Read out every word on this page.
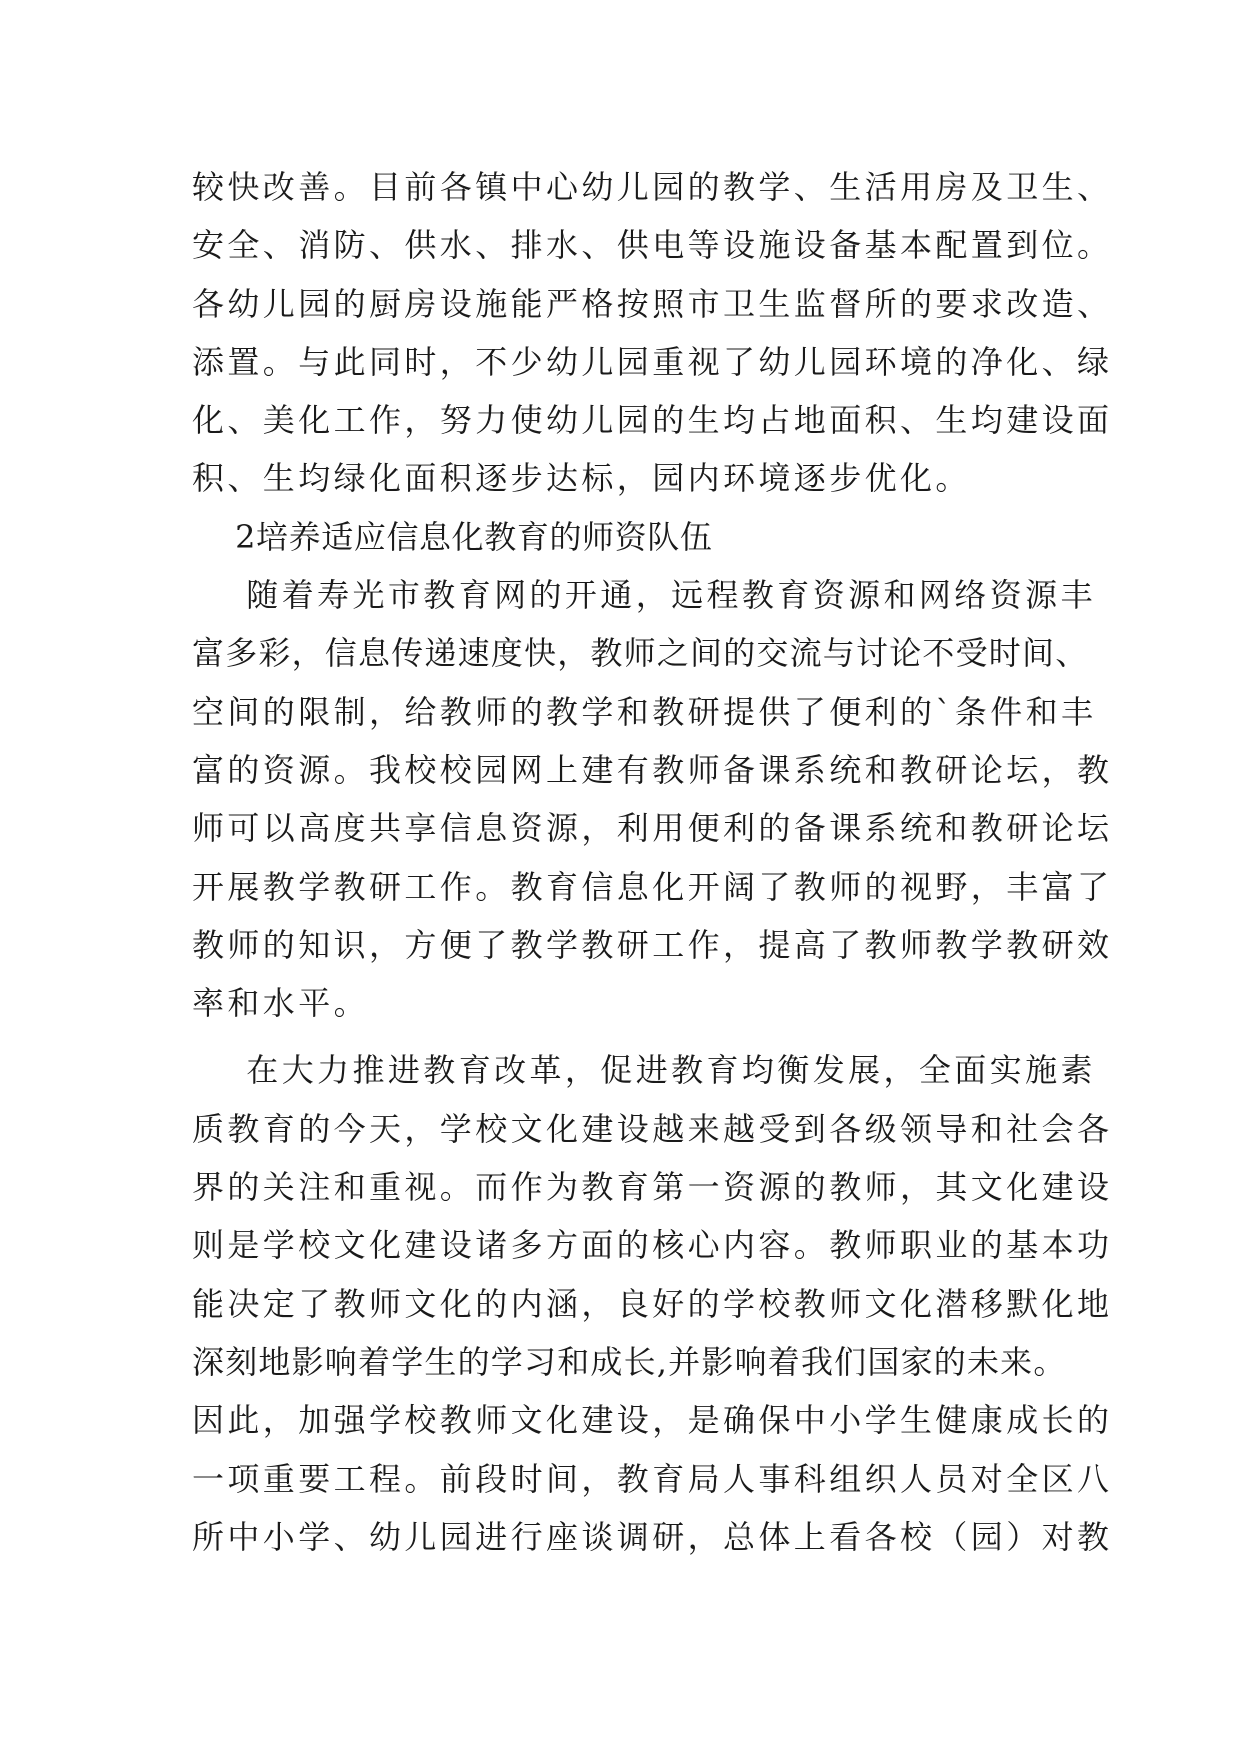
较快改善。目前各镇中心幼儿园的教学、生活用房及卫生、
安全、消防、供水、排水、供电等设施设备基本配置到位。
各幼儿园的厨房设施能严格按照市卫生监督所的要求改造、
添置。与此同时，不少幼儿园重视了幼儿园环境的净化、绿
化、美化工作，努力使幼儿园的生均占地面积、生均建设面
积、生均绿化面积逐步达标，园内环境逐步优化。
2培养适应信息化教育的师资队伍
随着寿光市教育网的开通，远程教育资源和网络资源丰
富多彩，信息传递速度快，教师之间的交流与讨论不受时间、
空间的限制，给教师的教学和教研提供了便利的`条件和丰
富的资源。我校校园网上建有教师备课系统和教研论坛，教
师可以高度共享信息资源，利用便利的备课系统和教研论坛
开展教学教研工作。教育信息化开阔了教师的视野，丰富了
教师的知识，方便了教学教研工作，提高了教师教学教研效
率和水平。
在大力推进教育改革，促进教育均衡发展，全面实施素
质教育的今天，学校文化建设越来越受到各级领导和社会各
界的关注和重视。而作为教育第一资源的教师，其文化建设
则是学校文化建设诸多方面的核心内容。教师职业的基本功
能决定了教师文化的内涵，良好的学校教师文化潜移默化地
深刻地影响着学生的学习和成长,并影响着我们国家的未来。
因此，加强学校教师文化建设，是确保中小学生健康成长的
一项重要工程。前段时间，教育局人事科组织人员对全区八
所中小学、幼儿园进行座谈调研，总体上看各校（园）对教
